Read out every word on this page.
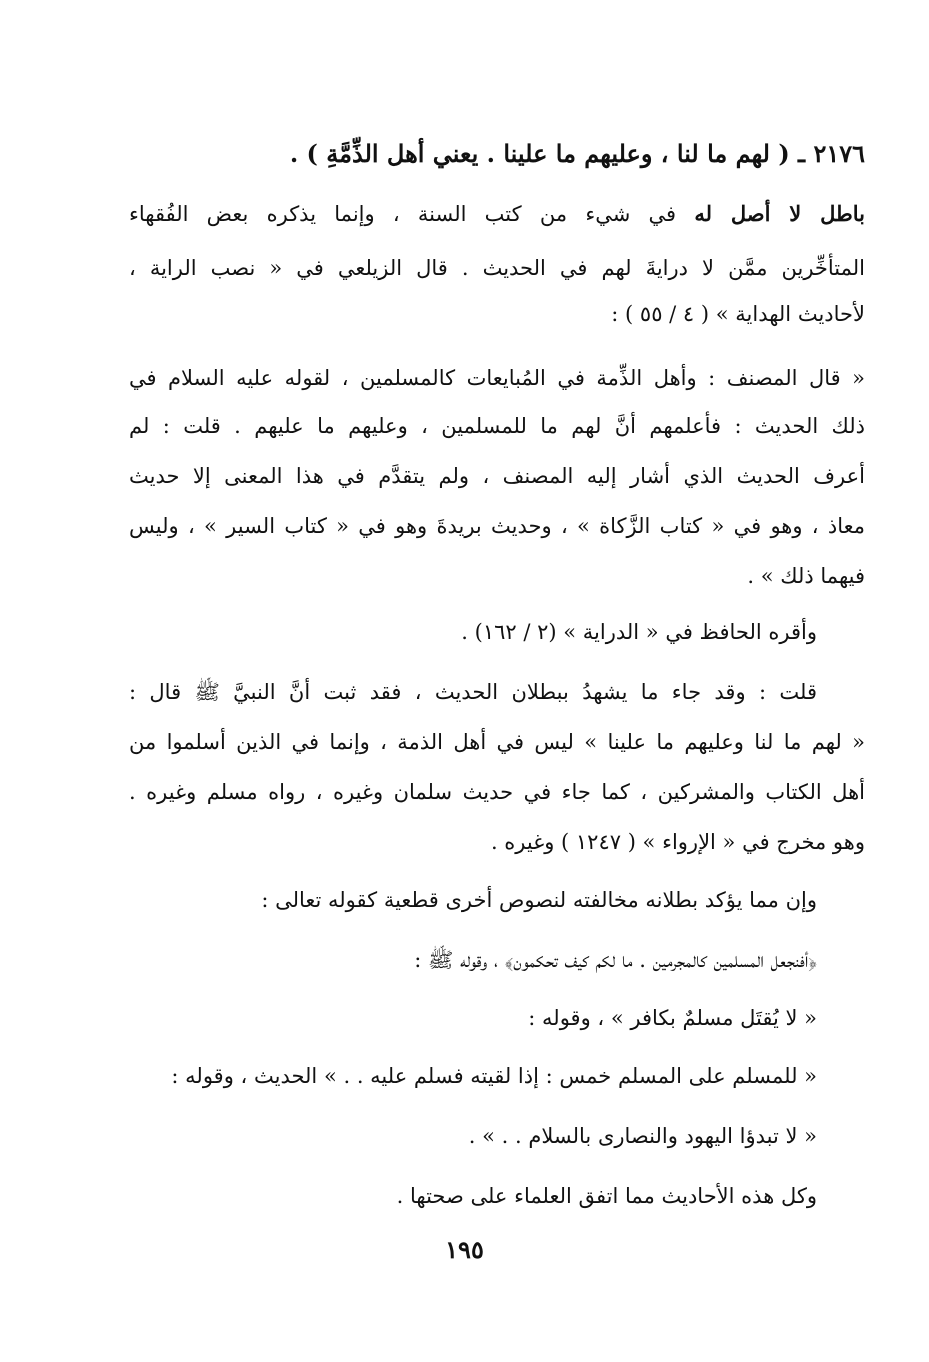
٢١٧٦ ـ ( لهم ما لنا ، وعليهم ما علينا . يعني أهل الذِّمَّةِ ) .
باطل لا أصل له في شيء من كتب السنة ، وإنما يذكره بعض الفُقهاء
المتأخِّرين ممَّن لا درايةَ لهم في الحديث . قال الزيلعي في « نصب الراية ،
لأحاديث الهداية » ( ٤ / ٥٥ ) :
« قال المصنف : وأهل الذِّمة في المُبايعات كالمسلمين ، لقوله عليه السلام في
ذلك الحديث : فأعلمهم أنَّ لهم ما للمسلمين ، وعليهم ما عليهم . قلت : لم
أعرف الحديث الذي أشار إليه المصنف ، ولم يتقدَّم في هذا المعنى إلا حديث
معاذ ، وهو في « كتاب الزَّكاة » ، وحديث بريدةَ وهو في « كتاب السير » ، وليس
فيهما ذلك » .
وأقره الحافظ في « الدراية » (٢ / ١٦٢) .
قلت : وقد جاء ما يشهدُ ببطلان الحديث ، فقد ثبت أنَّ النبيَّ ﷺ قال :
« لهم ما لنا وعليهم ما علينا » ليس في أهل الذمة ، وإنما في الذين أسلموا من
أهل الكتاب والمشركين ، كما جاء في حديث سلمان وغيره ، رواه مسلم وغيره .
وهو مخرج في « الإرواء » ( ١٢٤٧ ) وغيره .
وإن مما يؤكد بطلانه مخالفته لنصوص أخرى قطعية كقوله تعالى :
﴿أفنجعل المسلمين كالمجرمين . ما لكم كيف تحكمون﴾ ، وقوله ﷺ :
« لا يُقتَل مسلمٌ بكافر » ، وقوله :
« للمسلم على المسلم خمس : إذا لقيته فسلم عليه . . » الحديث ، وقوله :
« لا تبدؤا اليهود والنصارى بالسلام . . » .
وكل هذه الأحاديث مما اتفق العلماء على صحتها .
١٩٥
